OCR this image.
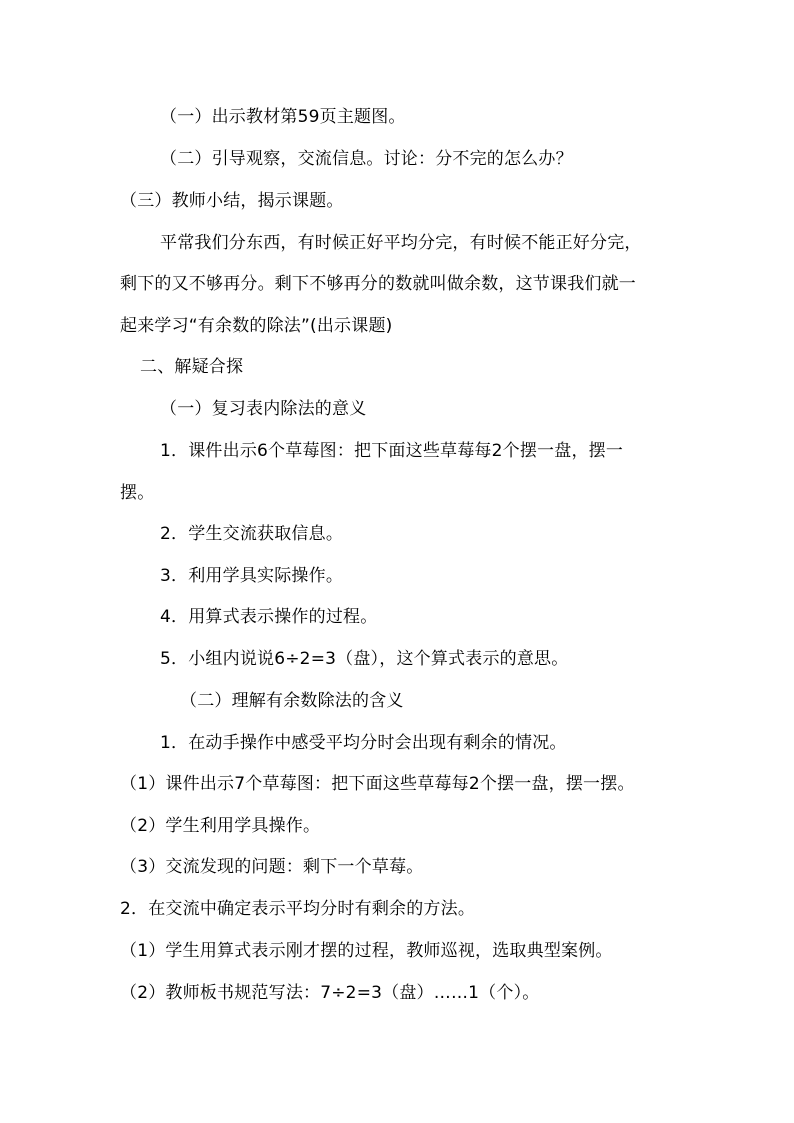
（一）出示教材第59页主题图。
（二）引导观察，交流信息。讨论：分不完的怎么办？
（三）教师小结，揭示课题。
平常我们分东西，有时候正好平均分完，有时候不能正好分完，
剩下的又不够再分。剩下不够再分的数就叫做余数，这节课我们就一
起来学习“有余数的除法”(出示课题)
二、解疑合探
（一）复习表内除法的意义
1．课件出示6个草莓图：把下面这些草莓每2个摆一盘，摆一
摆。
2．学生交流获取信息。
3．利用学具实际操作。
4．用算式表示操作的过程。
5．小组内说说6÷2=3（盘），这个算式表示的意思。
（二）理解有余数除法的含义
1．在动手操作中感受平均分时会出现有剩余的情况。
（1）课件出示7个草莓图：把下面这些草莓每2个摆一盘，摆一摆。
（2）学生利用学具操作。
（3）交流发现的问题：剩下一个草莓。
2．在交流中确定表示平均分时有剩余的方法。
（1）学生用算式表示刚才摆的过程，教师巡视，选取典型案例。
（2）教师板书规范写法：7÷2=3（盘）……1（个）。
